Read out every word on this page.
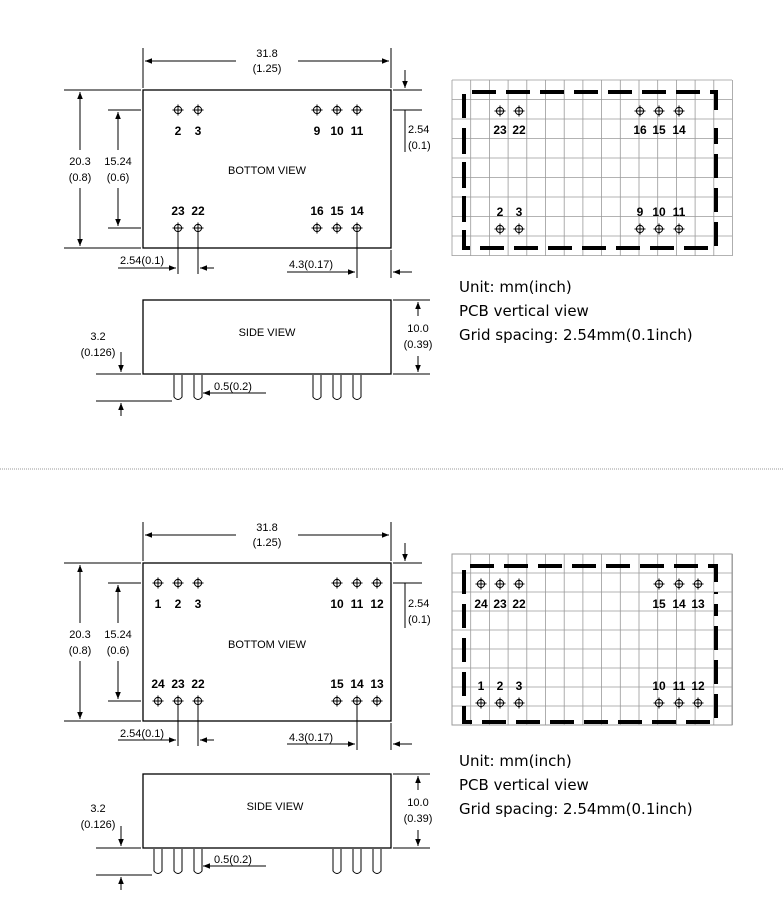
BOTTOM VIEW
31.8
(1.25)
20.3
(0.8)
15.24
(0.6)
2.54
(0.1)
2.54(0.1)	4.3(0.17)
2 3	9 10 11
23 22	16 15 14
SIDE VIEW	10.0
(0.39)
3.2
(0.126)
0.5(0.2)
23 22	16 15 14
2 3	9 10 11
Unit: mm(inch)
PCB vertical view
Grid spacing: 2.54mm(0.1inch)
BOTTOM VIEW
31.8
(1.25)
20.3
(0.8)
15.24
(0.6)
2.54
(0.1)
2.54(0.1)	4.3(0.17)
1 2 3	10 11 12
24 23 22	15 14 13
SIDE VIEW	10.0
(0.39)
3.2
(0.126)
0.5(0.2)
24 23 22	15 14 13
1 2 3	10 11 12
Unit: mm(inch)
PCB vertical view
Grid spacing: 2.54mm(0.1inch)
